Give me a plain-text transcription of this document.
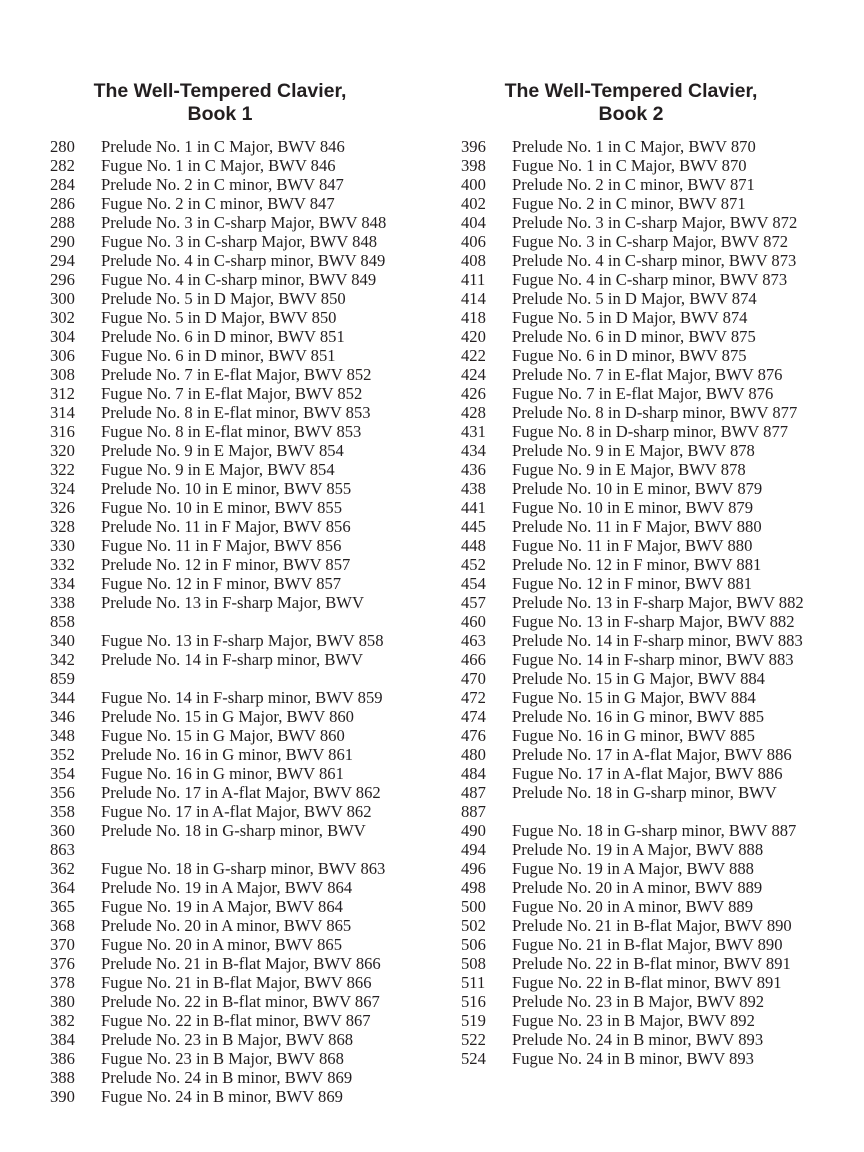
The Well-Tempered Clavier,
Book 1
280	Prelude No. 1 in C Major, BWV 846
282	Fugue No. 1 in C Major, BWV 846
284	Prelude No. 2 in C minor, BWV 847
286	Fugue No. 2 in C minor, BWV 847
288	Prelude No. 3 in C-sharp Major, BWV 848
290	Fugue No. 3 in C-sharp Major, BWV 848
294	Prelude No. 4 in C-sharp minor, BWV 849
296	Fugue No. 4 in C-sharp minor, BWV 849
300	Prelude No. 5 in D Major, BWV 850
302	Fugue No. 5 in D Major, BWV 850
304	Prelude No. 6 in D minor, BWV 851
306	Fugue No. 6 in D minor, BWV 851
308	Prelude No. 7 in E-flat Major, BWV 852
312	Fugue No. 7 in E-flat Major, BWV 852
314	Prelude No. 8 in E-flat minor, BWV 853
316	Fugue No. 8 in E-flat minor, BWV 853
320	Prelude No. 9 in E Major, BWV 854
322	Fugue No. 9 in E Major, BWV 854
324	Prelude No. 10 in E minor, BWV 855
326	Fugue No. 10 in E minor, BWV 855
328	Prelude No. 11 in F Major, BWV 856
330	Fugue No. 11 in F Major, BWV 856
332	Prelude No. 12 in F minor, BWV 857
334	Fugue No. 12 in F minor, BWV 857
338	Prelude No. 13 in F-sharp Major, BWV
858
340	Fugue No. 13 in F-sharp Major, BWV 858
342	Prelude No. 14 in F-sharp minor, BWV
859
344	Fugue No. 14 in F-sharp minor, BWV 859
346	Prelude No. 15 in G Major, BWV 860
348	Fugue No. 15 in G Major, BWV 860
352	Prelude No. 16 in G minor, BWV 861
354	Fugue No. 16 in G minor, BWV 861
356	Prelude No. 17 in A-flat Major, BWV 862
358	Fugue No. 17 in A-flat Major, BWV 862
360	Prelude No. 18 in G-sharp minor, BWV
863
362	Fugue No. 18 in G-sharp minor, BWV 863
364	Prelude No. 19 in A Major, BWV 864
365	Fugue No. 19 in A Major, BWV 864
368	Prelude No. 20 in A minor, BWV 865
370	Fugue No. 20 in A minor, BWV 865
376	Prelude No. 21 in B-flat Major, BWV 866
378	Fugue No. 21 in B-flat Major, BWV 866
380	Prelude No. 22 in B-flat minor, BWV 867
382	Fugue No. 22 in B-flat minor, BWV 867
384	Prelude No. 23 in B Major, BWV 868
386	Fugue No. 23 in B Major, BWV 868
388	Prelude No. 24 in B minor, BWV 869
390	Fugue No. 24 in B minor, BWV 869
The Well-Tempered Clavier,
Book 2
396	Prelude No. 1 in C Major, BWV 870
398	Fugue No. 1 in C Major, BWV 870
400	Prelude No. 2 in C minor, BWV 871
402	Fugue No. 2 in C minor, BWV 871
404	Prelude No. 3 in C-sharp Major, BWV 872
406	Fugue No. 3 in C-sharp Major, BWV 872
408	Prelude No. 4 in C-sharp minor, BWV 873
411	Fugue No. 4 in C-sharp minor, BWV 873
414	Prelude No. 5 in D Major, BWV 874
418	Fugue No. 5 in D Major, BWV 874
420	Prelude No. 6 in D minor, BWV 875
422	Fugue No. 6 in D minor, BWV 875
424	Prelude No. 7 in E-flat Major, BWV 876
426	Fugue No. 7 in E-flat Major, BWV 876
428	Prelude No. 8 in D-sharp minor, BWV 877
431	Fugue No. 8 in D-sharp minor, BWV 877
434	Prelude No. 9 in E Major, BWV 878
436	Fugue No. 9 in E Major, BWV 878
438	Prelude No. 10 in E minor, BWV 879
441	Fugue No. 10 in E minor, BWV 879
445	Prelude No. 11 in F Major, BWV 880
448	Fugue No. 11 in F Major, BWV 880
452	Prelude No. 12 in F minor, BWV 881
454	Fugue No. 12 in F minor, BWV 881
457	Prelude No. 13 in F-sharp Major, BWV 882
460	Fugue No. 13 in F-sharp Major, BWV 882
463	Prelude No. 14 in F-sharp minor, BWV 883
466	Fugue No. 14 in F-sharp minor, BWV 883
470	Prelude No. 15 in G Major, BWV 884
472	Fugue No. 15 in G Major, BWV 884
474	Prelude No. 16 in G minor, BWV 885
476	Fugue No. 16 in G minor, BWV 885
480	Prelude No. 17 in A-flat Major, BWV 886
484	Fugue No. 17 in A-flat Major, BWV 886
487	Prelude No. 18 in G-sharp minor, BWV
887
490	Fugue No. 18 in G-sharp minor, BWV 887
494	Prelude No. 19 in A Major, BWV 888
496	Fugue No. 19 in A Major, BWV 888
498	Prelude No. 20 in A minor, BWV 889
500	Fugue No. 20 in A minor, BWV 889
502	Prelude No. 21 in B-flat Major, BWV 890
506	Fugue No. 21 in B-flat Major, BWV 890
508	Prelude No. 22 in B-flat minor, BWV 891
511	Fugue No. 22 in B-flat minor, BWV 891
516	Prelude No. 23 in B Major, BWV 892
519	Fugue No. 23 in B Major, BWV 892
522	Prelude No. 24 in B minor, BWV 893
524	Fugue No. 24 in B minor, BWV 893
